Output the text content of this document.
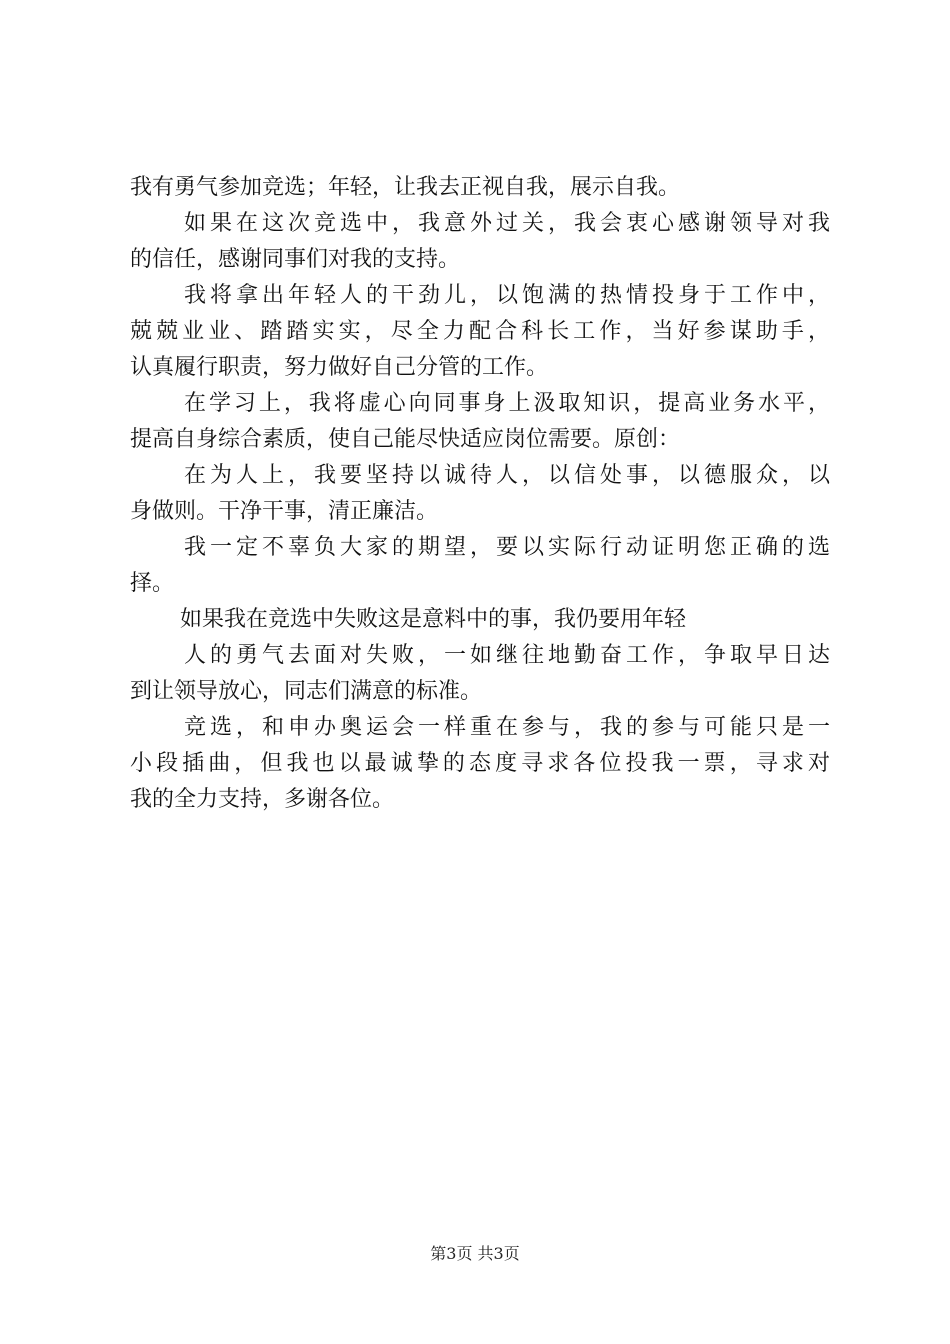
我有勇气参加竞选；年轻，让我去正视自我，展示自我。
如果在这次竞选中，我意外过关，我会衷心感谢领导对我
的信任，感谢同事们对我的支持。
我将拿出年轻人的干劲儿，以饱满的热情投身于工作中，
兢兢业业、踏踏实实，尽全力配合科长工作，当好参谋助手，
认真履行职责，努力做好自己分管的工作。
在学习上，我将虚心向同事身上汲取知识，提高业务水平，
提高自身综合素质，使自己能尽快适应岗位需要。原创：
在为人上，我要坚持以诚待人，以信处事，以德服众，以
身做则。干净干事，清正廉洁。
我一定不辜负大家的期望，要以实际行动证明您正确的选
择。
如果我在竞选中失败这是意料中的事，我仍要用年轻
人的勇气去面对失败，一如继往地勤奋工作，争取早日达
到让领导放心，同志们满意的标准。
竞选，和申办奥运会一样重在参与，我的参与可能只是一
小段插曲，但我也以最诚挚的态度寻求各位投我一票，寻求对
我的全力支持，多谢各位。
第3页 共3页
